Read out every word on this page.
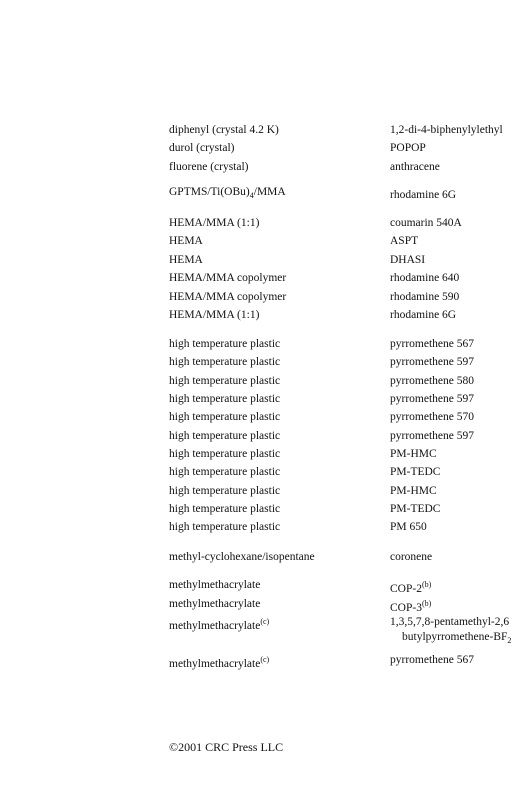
diphenyl (crystal 4.2 K)	1,2-di-4-biphenylylethyl
durol (crystal)	POPOP
fluorene (crystal)	anthracene
GPTMS/$Ti(OBu)_4$/MMA	rhodamine 6G
HEMA/MMA (1:1)	coumarin 540A
HEMA	ASPT
HEMA	DHASI
HEMA/MMA copolymer	rhodamine 640
HEMA/MMA copolymer	rhodamine 590
HEMA/MMA (1:1)	rhodamine 6G
high temperature plastic	pyrromethene 567
high temperature plastic	pyrromethene 597
high temperature plastic	pyrromethene 580
high temperature plastic	pyrromethene 597
high temperature plastic	pyrromethene 570
high temperature plastic	pyrromethene 597
high temperature plastic	PM-HMC
high temperature plastic	PM-TEDC
high temperature plastic	PM-HMC
high temperature plastic	PM-TEDC
high temperature plastic	PM 650
methyl-cyclohexane/isopentane	coronene
methylmethacrylate	COP-2$^{(b)}$
methylmethacrylate	COP-3$^{(b)}$
methylmethacrylate$^{(c)}$	1,3,5,7,8-pentamethyl-2,6
butylpyrromethene-$BF_2$
methylmethacrylate$^{(c)}$	pyrromethene 567
©2001 CRC Press LLC
